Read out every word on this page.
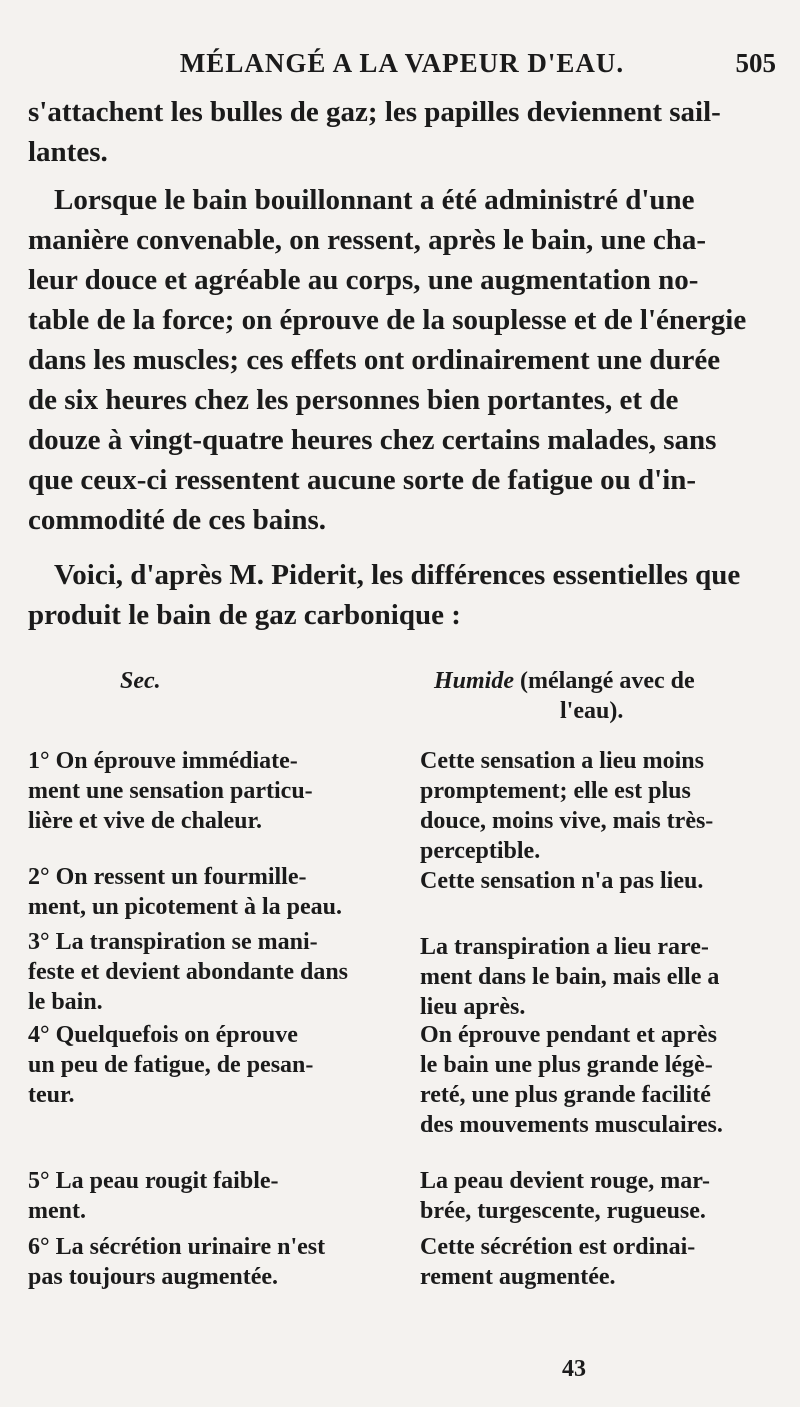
MÉLANGÉ A LA VAPEUR D'EAU.	505
s'attachent les bulles de gaz; les papilles deviennent sail-
lantes.
Lorsque le bain bouillonnant a été administré d'une
manière convenable, on ressent, après le bain, une cha-
leur douce et agréable au corps, une augmentation no-
table de la force; on éprouve de la souplesse et de l'énergie
dans les muscles; ces effets ont ordinairement une durée
de six heures chez les personnes bien portantes, et de
douze à vingt-quatre heures chez certains malades, sans
que ceux-ci ressentent aucune sorte de fatigue ou d'in-
commodité de ces bains.
Voici, d'après M. Piderit, les différences essentielles que
produit le bain de gaz carbonique :
Sec.	Humide (mélangé avec de
l'eau).
1° On éprouve immédiate-
ment une sensation particu-
lière et vive de chaleur.
2° On ressent un fourmille-
ment, un picotement à la peau.
3° La transpiration se mani-
feste et devient abondante dans
le bain.
4° Quelquefois on éprouve
un peu de fatigue, de pesan-
teur.
5° La peau rougit faible-
ment.
6° La sécrétion urinaire n'est
pas toujours augmentée.
Cette sensation a lieu moins
promptement; elle est plus
douce, moins vive, mais très-
perceptible.
Cette sensation n'a pas lieu.
La transpiration a lieu rare-
ment dans le bain, mais elle a
lieu après.
On éprouve pendant et après
le bain une plus grande légè-
reté, une plus grande facilité
des mouvements musculaires.
La peau devient rouge, mar-
brée, turgescente, rugueuse.
Cette sécrétion est ordinai-
rement augmentée.
43
